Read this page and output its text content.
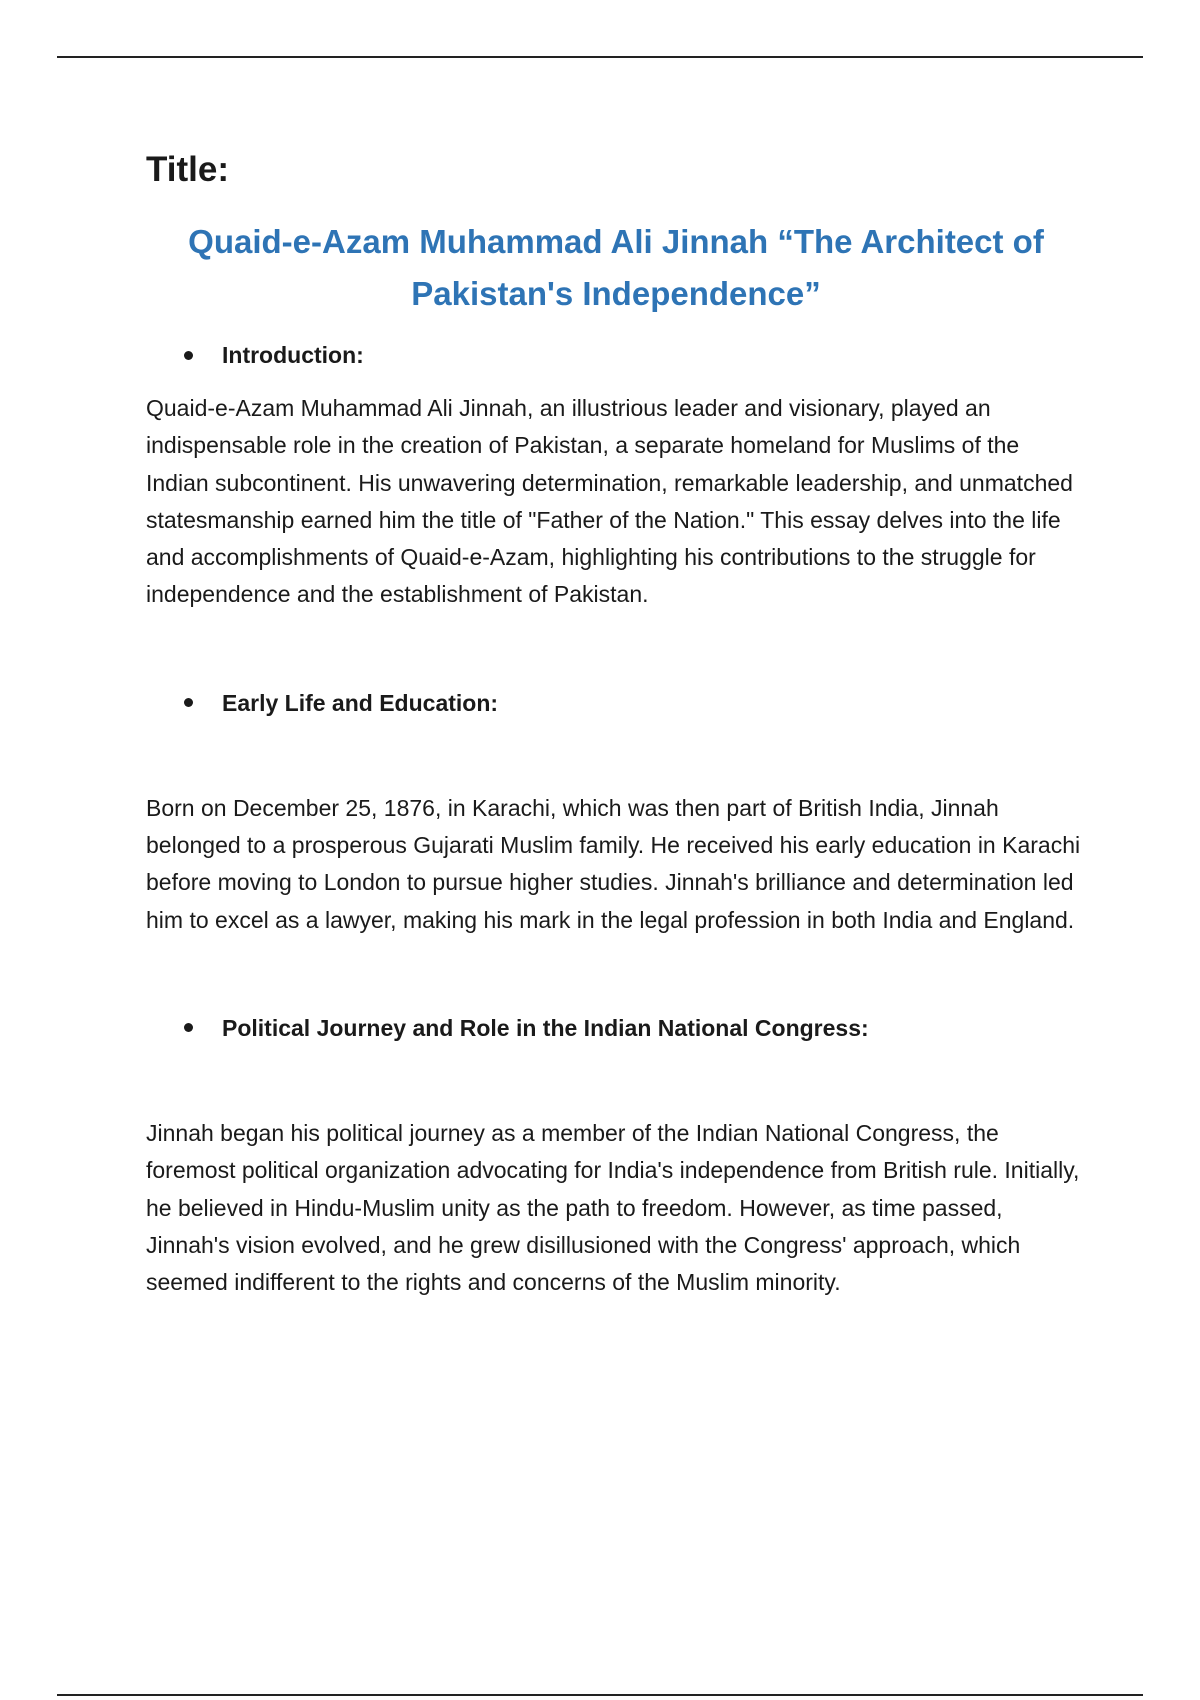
Title:
Quaid-e-Azam Muhammad Ali Jinnah “The Architect of Pakistan's Independence”
Introduction:

Quaid-e-Azam Muhammad Ali Jinnah, an illustrious leader and visionary, played an indispensable role in the creation of Pakistan, a separate homeland for Muslims of the Indian subcontinent. His unwavering determination, remarkable leadership, and unmatched statesmanship earned him the title of "Father of the Nation." This essay delves into the life and accomplishments of Quaid-e-Azam, highlighting his contributions to the struggle for independence and the establishment of Pakistan.

Early Life and Education:

Born on December 25, 1876, in Karachi, which was then part of British India, Jinnah belonged to a prosperous Gujarati Muslim family. He received his early education in Karachi before moving to London to pursue higher studies. Jinnah's brilliance and determination led him to excel as a lawyer, making his mark in the legal profession in both India and England.

Political Journey and Role in the Indian National Congress:

Jinnah began his political journey as a member of the Indian National Congress, the foremost political organization advocating for India's independence from British rule. Initially, he believed in Hindu-Muslim unity as the path to freedom. However, as time passed, Jinnah's vision evolved, and he grew disillusioned with the Congress' approach, which seemed indifferent to the rights and concerns of the Muslim minority.
